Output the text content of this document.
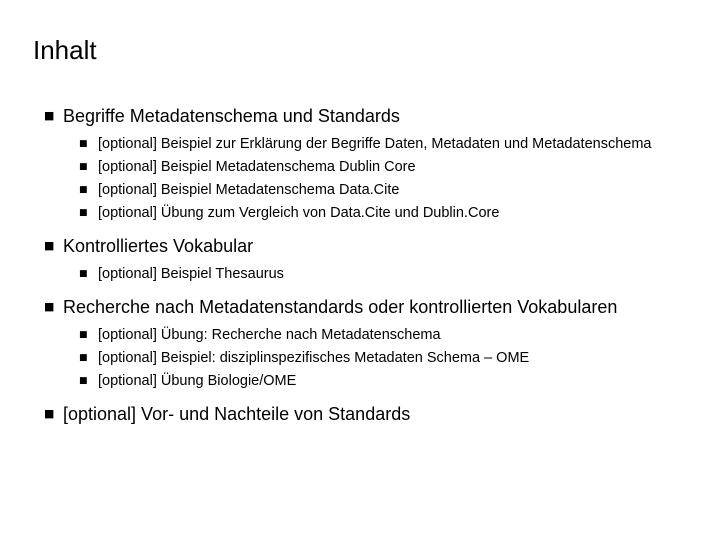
Inhalt
■ Begriffe Metadatenschema und Standards
■ [optional] Beispiel zur Erklärung der Begriffe Daten, Metadaten und Metadatenschema
■ [optional] Beispiel Metadatenschema Dublin Core
■ [optional] Beispiel Metadatenschema Data.Cite
■ [optional] Übung zum Vergleich von Data.Cite und Dublin.Core
■ Kontrolliertes Vokabular
■ [optional] Beispiel Thesaurus
■ Recherche nach Metadatenstandards oder kontrollierten Vokabularen
■ [optional] Übung: Recherche nach Metadatenschema
■ [optional] Beispiel: disziplinspezifisches Metadaten Schema – OME
■ [optional] Übung Biologie/OME
■ [optional] Vor- und Nachteile von Standards
